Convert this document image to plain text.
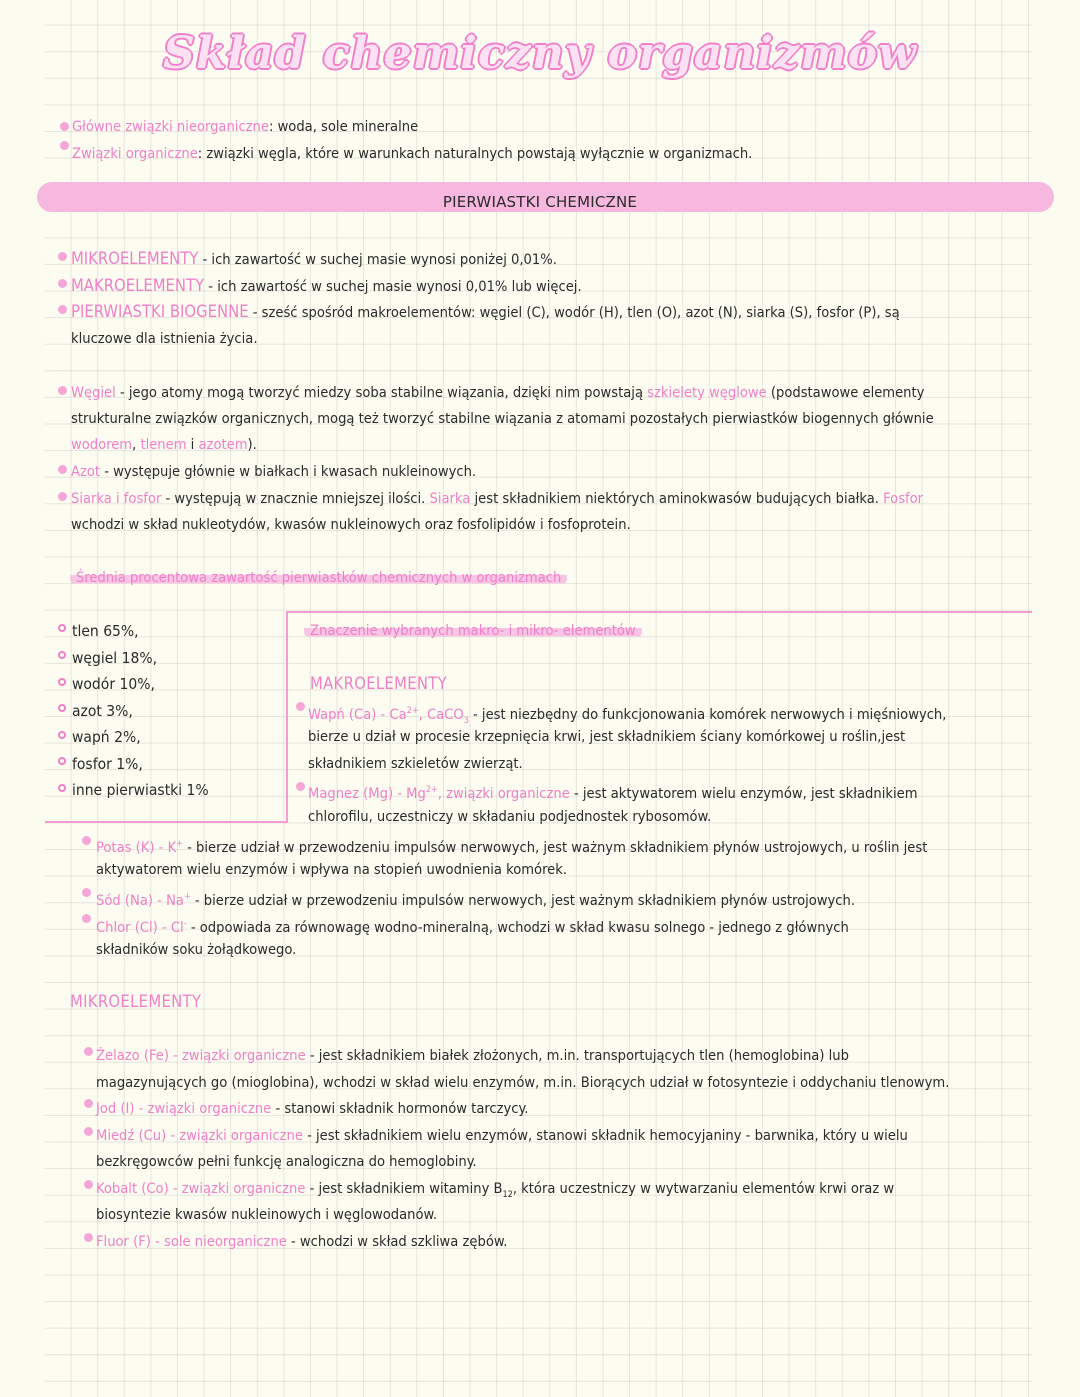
Skład chemiczny organizmów
Główne związki nieorganiczne: woda, sole mineralne
Związki organiczne: związki węgla, które w warunkach naturalnych powstają wyłącznie w organizmach.
PIERWIASTKI CHEMICZNE
MIKROELEMENTY - ich zawartość w suchej masie wynosi poniżej 0,01%.
MAKROELEMENTY - ich zawartość w suchej masie wynosi 0,01% lub więcej.
PIERWIASTKI BIOGENNE - sześć spośród makroelementów: węgiel (C), wodór (H), tlen (O), azot (N), siarka (S), fosfor (P), są
kluczowe dla istnienia życia.
Węgiel - jego atomy mogą tworzyć miedzy soba stabilne wiązania, dzięki nim powstają szkielety węglowe (podstawowe elementy
strukturalne związków organicznych, mogą też tworzyć stabilne wiązania z atomami pozostałych pierwiastków biogennych głównie
wodorem, tlenem i azotem).
Azot - występuje głównie w białkach i kwasach nukleinowych.
Siarka i fosfor - występują w znacznie mniejszej ilości. Siarka jest składnikiem niektórych aminokwasów budujących białka. Fosfor
wchodzi w skład nukleotydów, kwasów nukleinowych oraz fosfolipidów i fosfoprotein.
Średnia procentowa zawartość pierwiastków chemicznych w organizmach
tlen 65%,
węgiel 18%,
wodór 10%,
azot 3%,
wapń 2%,
fosfor 1%,
inne pierwiastki 1%
Znaczenie wybranych makro- i mikro- elementów
MAKROELEMENTY
Wapń $(Ca) - Ca^{2+}$, CaCO$_3$ - jest niezbędny do funkcjonowania komórek nerwowych i mięśniowych,
bierze u dział w procesie krzepnięcia krwi, jest składnikiem ściany komórkowej u roślin,jest
składnikiem szkieletów zwierząt.
Magnez $(Mg) - Mg^{2+}$, związki organiczne - jest aktywatorem wielu enzymów, jest składnikiem
chlorofilu, uczestniczy w składaniu podjednostek rybosomów.
Potas (K) - K+ - bierze udział w przewodzeniu impulsów nerwowych, jest ważnym składnikiem płynów ustrojowych, u roślin jest
aktywatorem wielu enzymów i wpływa na stopień uwodnienia komórek.
Sód (Na) - Na+ - bierze udział w przewodzeniu impulsów nerwowych, jest ważnym składnikiem płynów ustrojowych.
Chlor (Cl) - Cl- - odpowiada za równowagę wodno-mineralną, wchodzi w skład kwasu solnego - jednego z głównych
składników soku żołądkowego.
MIKROELEMENTY
Żelazo (Fe) - związki organiczne - jest składnikiem białek złożonych, m.in. transportujących tlen (hemoglobina) lub
magazynujących go (mioglobina), wchodzi w skład wielu enzymów, m.in. Biorących udział w fotosyntezie i oddychaniu tlenowym.
Jod (I) - związki organiczne - stanowi składnik hormonów tarczycy.
Miedź (Cu) - związki organiczne - jest składnikiem wielu enzymów, stanowi składnik hemocyjaniny - barwnika, który u wielu
bezkręgowców pełni funkcję analogiczna do hemoglobiny.
Kobalt (Co) - związki organiczne - jest składnikiem witaminy $B_{12}$, która uczestniczy w wytwarzaniu elementów krwi oraz w
biosyntezie kwasów nukleinowych i węglowodanów.
Fluor (F) - sole nieorganiczne - wchodzi w skład szkliwa zębów.
